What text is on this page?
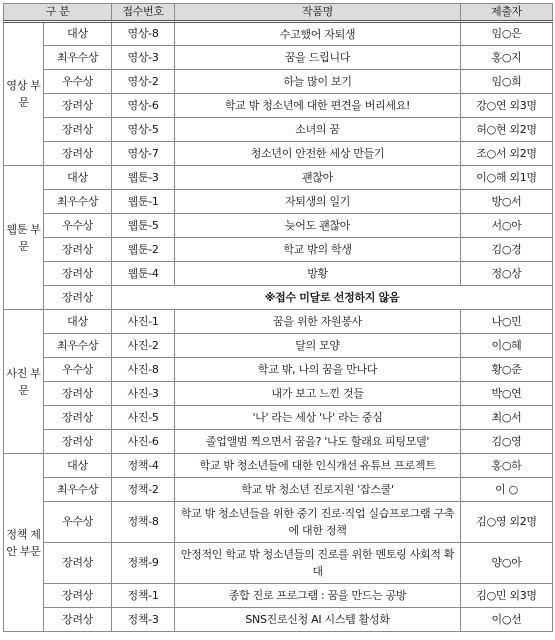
구 분		접수번호	작품명	제출자
영상 부문	대상	영상-8	수고했어 자퇴생	임○은
	최우수상	영상-3	꿈을 드립니다	홍○지
	우수상	영상-2	하늘 많이 보기	임○희
	장려상	영상-6	학교 밖 청소년에 대한 편견을 버리세요!	강○연 외3명
	장려상	영상-5	소녀의 꿈	허○현 외2명
	장려상	영상-7	청소년이 안전한 세상 만들기	조○서 외2명
웹툰 부문	대상	웹툰-3	괜찮아	이○해 외1명
	최우수상	웹툰-1	자퇴생의 일기	방○서
	우수상	웹툰-5	늦어도 괜찮아	서○아
	장려상	웹툰-2	학교 밖의 학생	김○경
	장려상	웹툰-4	방황	정○상
	장려상	※접수 미달로 선정하지 않음		
사진 부문	대상	사진-1	꿈을 위한 자원봉사	나○민
	최우수상	사진-2	달의 모양	이○혜
	우수상	사진-8	학교 밖, 나의 꿈을 만나다	황○준
	장려상	사진-3	내가 보고 느낀 것들	박○연
	장려상	사진-5	'나' 라는 세상 '나' 라는 중심	최○서
	장려상	사진-6	졸업앨범 찍으면서 꿈을? '나도 할래요 피팅모델'	김○영
정책 제안 부문	대상	정책-4	학교 밖 청소년들에 대한 인식개선 유튜브 프로젝트	홍○하
	최우수상	정책-2	학교 밖 청소년 진로지원 '잡스쿨'	이 ○
	우수상	정책-8	학교 밖 청소년들을 위한 중기 진로·직업 실습프로그램 구축에 대한 정책	김○영 외2명
	장려상	정책-9	안정적인 학교 밖 청소년들의 진로를 위한 멘토링 사회적 확대	양○아
	장려상	정책-1	종합 진로 프로그램 : 꿈을 만드는 공방	김○민 외3명
	장려상	정책-3	SNS진로신청 AI 시스템 활성화	이○선
